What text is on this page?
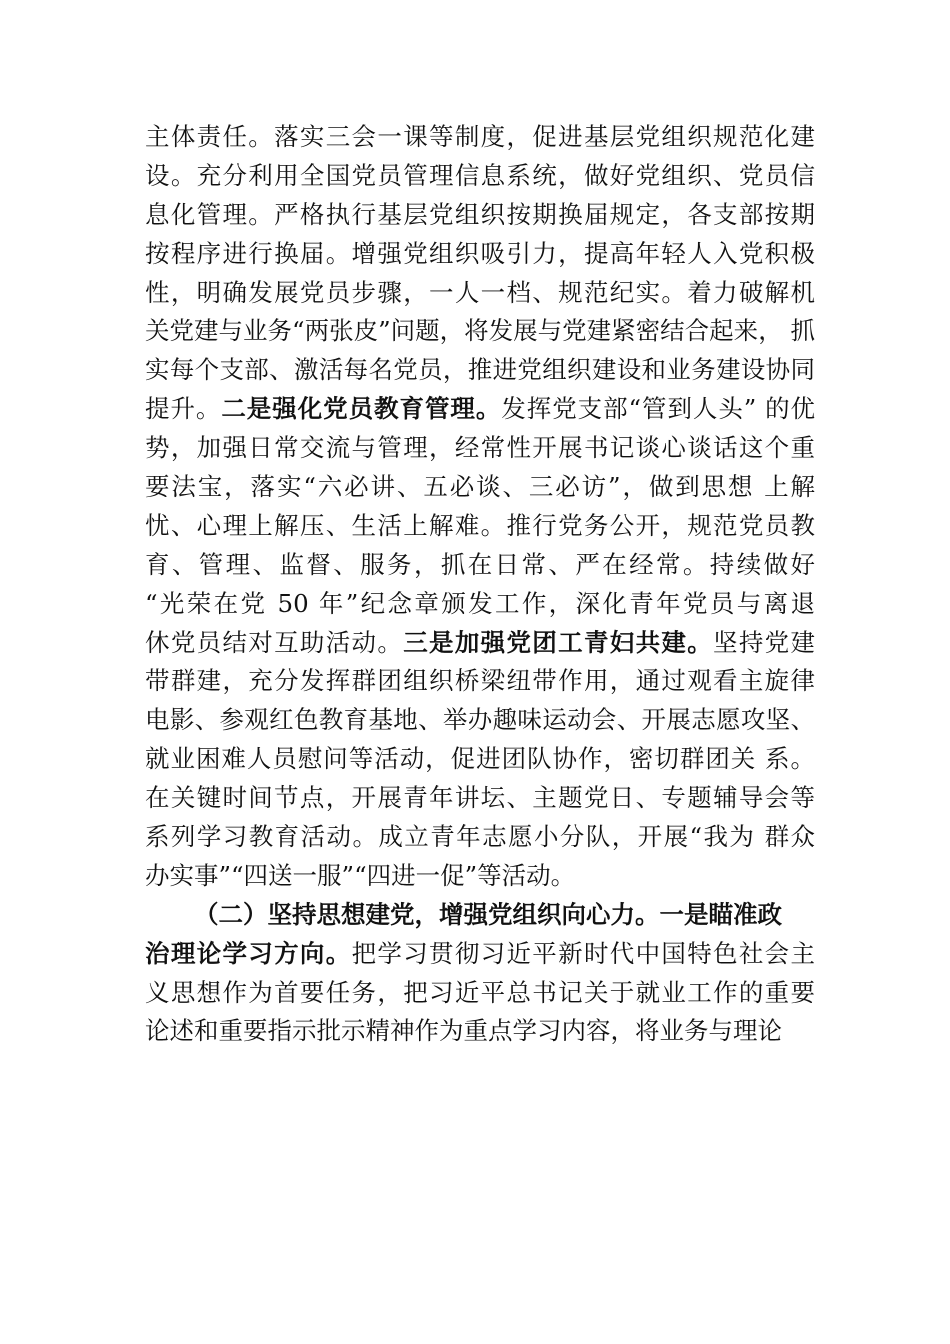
主体责任。落实三会一课等制度，促进基层党组织规范化建
设。充分利用全国党员管理信息系统，做好党组织、党员信
息化管理。严格执行基层党组织按期换届规定，各支部按期
按程序进行换届。增强党组织吸引力，提高年轻人入党积极
性，明确发展党员步骤，一人一档、规范纪实。着力破解机
关党建与业务“两张皮”问题，将发展与党建紧密结合起来， 抓
实每个支部、激活每名党员，推进党组织建设和业务建设协同
提升。二是强化党员教育管理。发挥党支部“管到人头” 的优
势，加强日常交流与管理，经常性开展书记谈心谈话这个重
要法宝，落实“六必讲、五必谈、三必访”，做到思想 上解
忧、心理上解压、生活上解难。推行党务公开，规范党员教
育、管理、监督、服务，抓在日常、严在经常。持续做好
“光荣在党 50 年”纪念章颁发工作，深化青年党员与离退
休党员结对互助活动。三是加强党团工青妇共建。坚持党建
带群建，充分发挥群团组织桥梁纽带作用，通过观看主旋律
电影、参观红色教育基地、举办趣味运动会、开展志愿攻坚、
就业困难人员慰问等活动，促进团队协作，密切群团关 系。
在关键时间节点，开展青年讲坛、主题党日、专题辅导会等
系列学习教育活动。成立青年志愿小分队，开展“我为 群众
办实事”“四送一服”“四进一促”等活动。
（二）坚持思想建党，增强党组织向心力。一是瞄准政
治理论学习方向。把学习贯彻习近平新时代中国特色社会主
义思想作为首要任务，把习近平总书记关于就业工作的重要
论述和重要指示批示精神作为重点学习内容，将业务与理论
